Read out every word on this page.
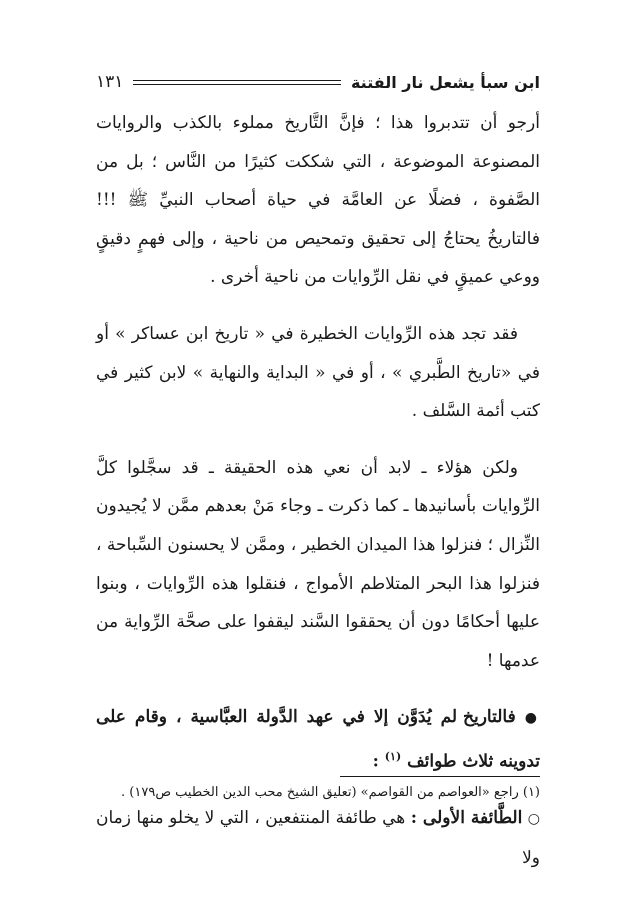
ابن سبأ يشعل نار الفتنة
١٣١

أرجو أن تتدبروا هذا ؛ فإنَّ التَّاريخ مملوء بالكذب والروايات المصنوعة الموضوعة ، التي شككت كثيرًا من النَّاس ؛ بل من الصَّفوة ، فضلًا عن العامَّة في حياة أصحاب النبيِّ ﷺ !!! فالتاريخُ يحتاجُ إلى تحقيق وتمحيص من ناحية ، وإلى فهمٍ دقيقٍ ووعي عميقٍ في نقل الرِّوايات من ناحية أخرى .

فقد تجد هذه الرِّوايات الخطيرة في « تاريخ ابن عساكر » أو في «تاريخ الطَّبري » ، أو في « البداية والنهاية » لابن كثير في كتب أئمة السَّلف .

ولكن هؤلاء ـ لابد أن نعي هذه الحقيقة ـ قد سجَّلوا كلَّ الرِّوايات بأسانيدها ـ كما ذكرت ـ وجاء مَنْ بعدهم ممَّن لا يُجيدون النِّزال ؛ فنزلوا هذا الميدان الخطير ، وممَّن لا يحسنون السِّباحة ، فنزلوا هذا البحر المتلاطم الأمواج ، فنقلوا هذه الرِّوايات ، وبنوا عليها أحكامًا دون أن يحققوا السَّند ليقفوا على صحَّة الرِّواية من عدمها !

● فالتاريخ لم يُدَوَّن إلا في عهد الدَّولة العبَّاسية ، وقام على تدوينه ثلاث طوائف $^{(١)}$ :

○ الطَّائفة الأولى : هي طائفة المنتفعين ، التي لا يخلو منها زمان ولا

(١) راجع «العواصم من القواصم» (تعليق الشيخ محب الدين الخطيب ص١٧٩) .
